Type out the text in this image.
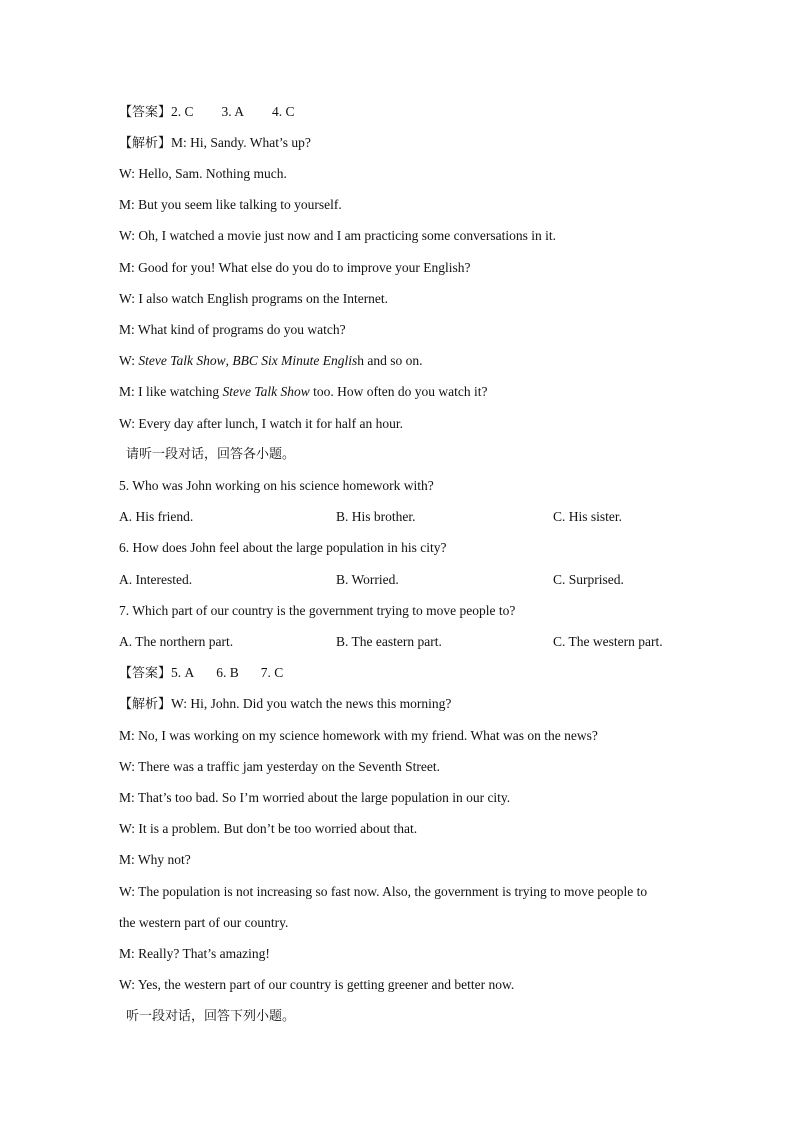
【答案】2. C 3. A 4. C
【解析】M: Hi, Sandy. What’s up?
W: Hello, Sam. Nothing much.
M: But you seem like talking to yourself.
W: Oh, I watched a movie just now and I am practicing some conversations in it.
M: Good for you! What else do you do to improve your English?
W: I also watch English programs on the Internet.
M: What kind of programs do you watch?
W: Steve Talk Show, BBC Six Minute English and so on.
M: I like watching Steve Talk Show too. How often do you watch it?
W: Every day after lunch, I watch it for half an hour.
请听一段对话，回答各小题。
5. Who was John working on his science homework with?
A. His friend.	B. His brother.	C. His sister.
6. How does John feel about the large population in his city?
A. Interested.	B. Worried.	C. Surprised.
7. Which part of our country is the government trying to move people to?
A. The northern part.	B. The eastern part.	C. The western part.
【答案】5. A 6. B 7. C
【解析】W: Hi, John. Did you watch the news this morning?
M: No, I was working on my science homework with my friend. What was on the news?
W: There was a traffic jam yesterday on the Seventh Street.
M: That’s too bad. So I’m worried about the large population in our city.
W: It is a problem. But don’t be too worried about that.
M: Why not?
W: The population is not increasing so fast now. Also, the government is trying to move people to
the western part of our country.
M: Really? That’s amazing!
W: Yes, the western part of our country is getting greener and better now.
听一段对话，回答下列小题。
